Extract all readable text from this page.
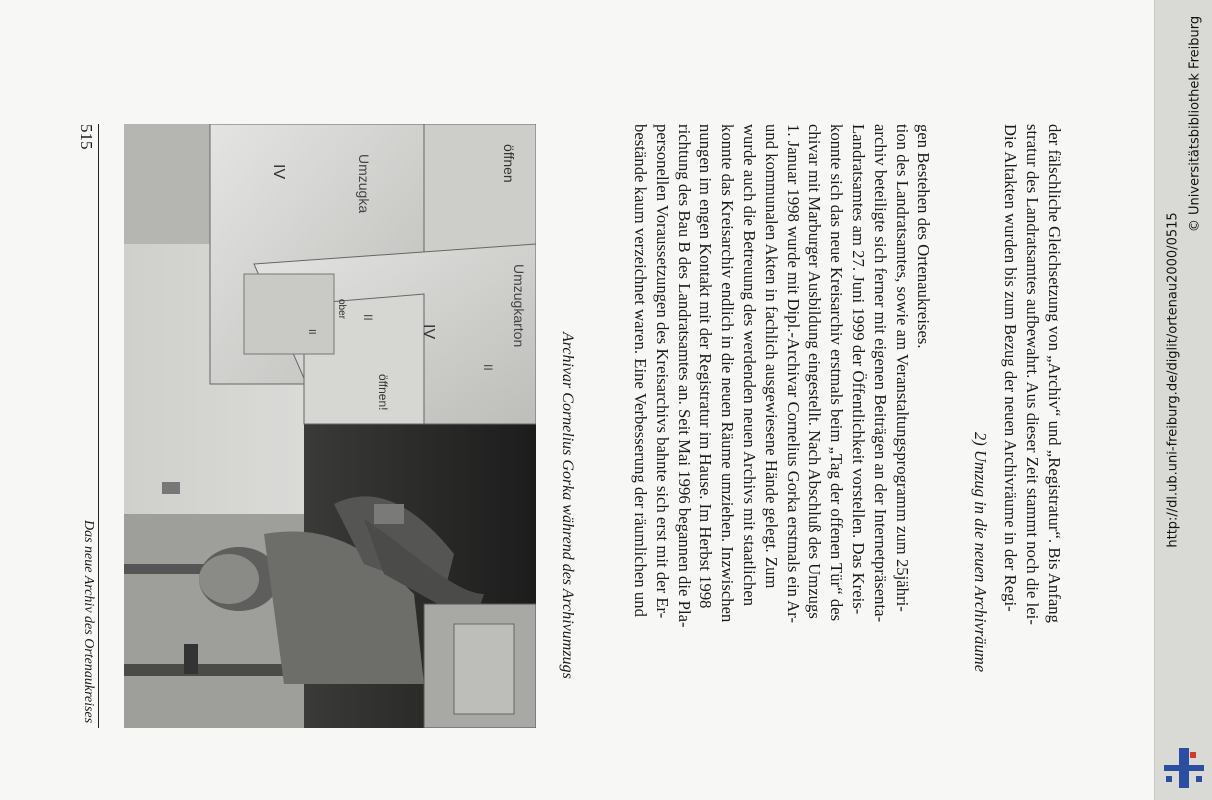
Das neue Archiv des Ortenaukreises
515
IV	Umzugka	öffnen
II	Umzugkarton
IV
II
öffnen!
ober
II
Archivar Cornelius Gorka während des Archivumzugs	bestände kaum verzeichnet waren. Eine Verbesserung der räumlichen und personellen Voraussetzungen des Kreisarchivs bahnte sich erst mit der Er- richtung des Bau B des Landratsamtes an. Seit Mai 1996 begannen die Pla- nungen im engen Kontakt mit der Registratur im Hause. Im Herbst 1998 konnte das Kreisarchiv endlich in die neuen Räume umziehen. Inzwischen wurde auch die Betreuung des werdenden neuen Archivs mit staatlichen und kommunalen Akten in fachlich ausgewiesene Hände gelegt. Zum 1. Januar 1998 wurde mit Dipl.-Archivar Cornelius Gorka erstmals ein Ar- chivar mit Marburger Ausbildung eingestellt. Nach Abschluß des Umzugs konnte sich das neue Kreisarchiv erstmals beim „Tag der offenen Tür“ des Landratsamtes am 27. Juni 1999 der Öffentlichkeit vorstellen. Das Kreis- archiv beteiligte sich ferner mit eigenen Beiträgen an der Internetpräsenta- tion des Landratsamtes, sowie am Veranstaltungsprogramm zum 25jähri- gen Bestehen des Ortenaukreises.
2) Umzug in die neuen Archivräume Die Altakten wurden bis zum Bezug der neuen Archivräume in der Regi- stratur des Landratsamtes aufbewahrt. Aus dieser Zeit stammt noch die lei- der fälschliche Gleichsetzung von „Archiv“ und „Registratur“. Bis Anfang	http://dl.ub.uni-freiburg.de/diglit/ortenau2000/0515
© Universitätsbibliothek Freiburg
